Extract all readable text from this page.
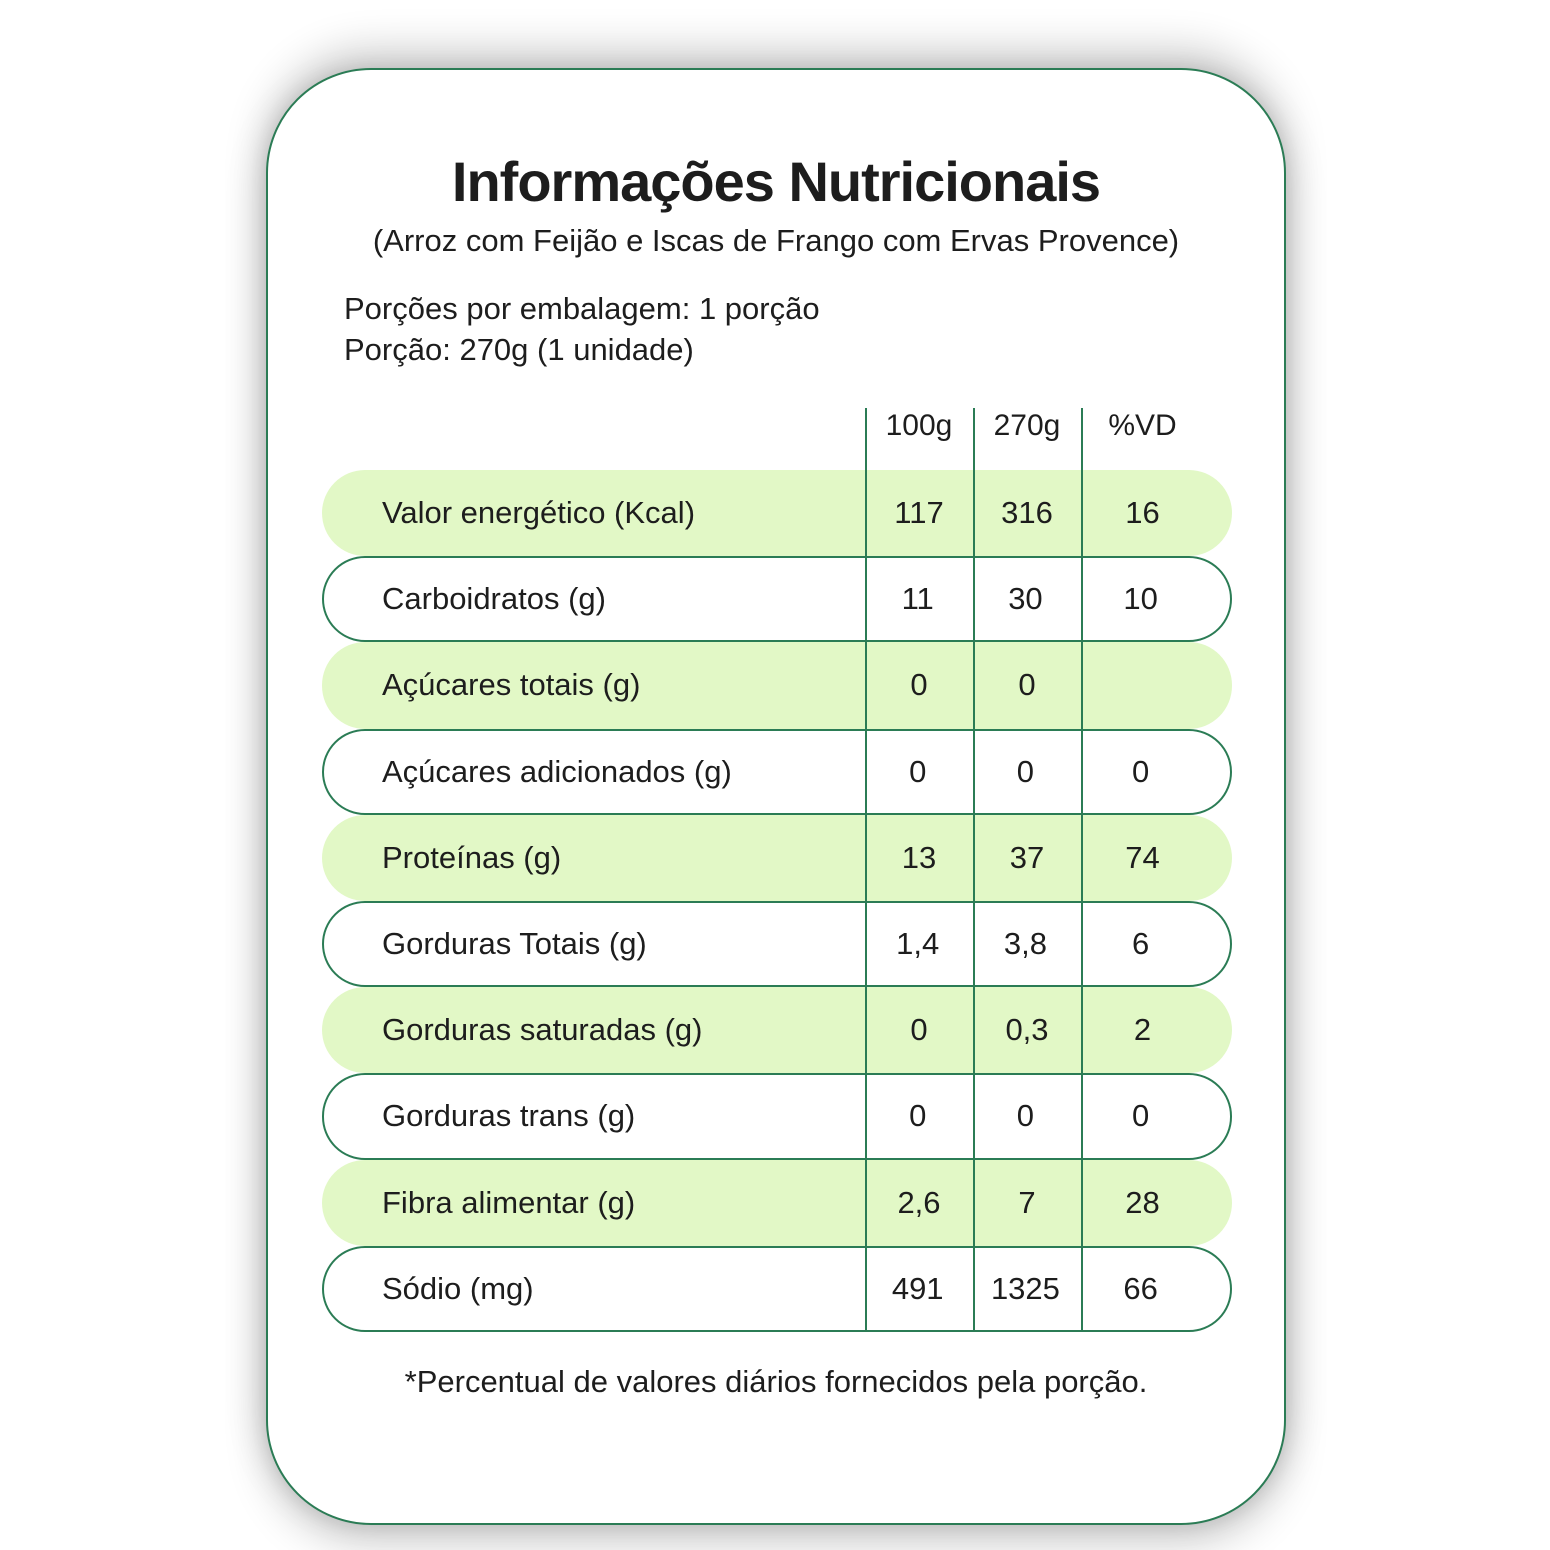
Informações Nutricionais
(Arroz com Feijão e Iscas de Frango com Ervas Provence)
Porções por embalagem: 1 porção
Porção: 270g (1 unidade)
100g	270g	%VD
Valor energético (Kcal)	117	316	16
Carboidratos (g)	11	30	10
Açúcares totais (g)	0	0
Açúcares adicionados (g)	0	0	0
Proteínas (g)	13	37	74
Gorduras Totais (g)	1,4	3,8	6
Gorduras saturadas (g)	0	0,3	2
Gorduras trans (g)	0	0	0
Fibra alimentar (g)	2,6	7	28
Sódio (mg)	491	1325	66
*Percentual de valores diários fornecidos pela porção.
